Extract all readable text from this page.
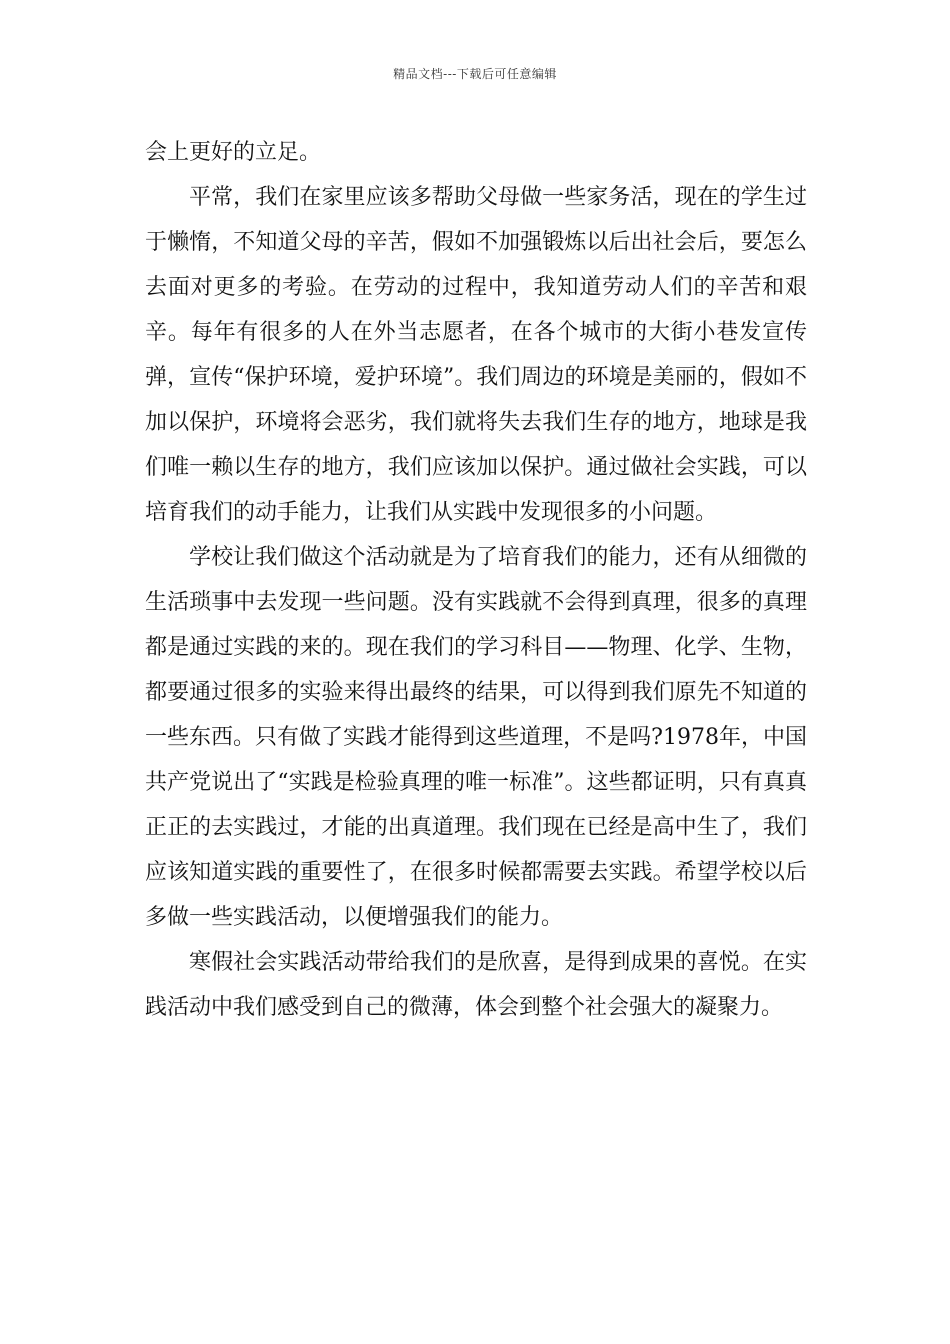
精品文档---下载后可任意编辑

会上更好的立足。

平常，我们在家里应该多帮助父母做一些家务活，现在的学生过于懒惰，不知道父母的辛苦，假如不加强锻炼以后出社会后，要怎么去面对更多的考验。在劳动的过程中，我知道劳动人们的辛苦和艰辛。每年有很多的人在外当志愿者，在各个城市的大街小巷发宣传弹，宣传“保护环境，爱护环境”。我们周边的环境是美丽的，假如不加以保护，环境将会恶劣，我们就将失去我们生存的地方，地球是我们唯一赖以生存的地方，我们应该加以保护。通过做社会实践，可以培育我们的动手能力，让我们从实践中发现很多的小问题。

学校让我们做这个活动就是为了培育我们的能力，还有从细微的生活琐事中去发现一些问题。没有实践就不会得到真理，很多的真理都是通过实践的来的。现在我们的学习科目——物理、化学、生物，都要通过很多的实验来得出最终的结果，可以得到我们原先不知道的一些东西。只有做了实践才能得到这些道理，不是吗?1978年，中国共产党说出了“实践是检验真理的唯一标准”。这些都证明，只有真真正正的去实践过，才能的出真道理。我们现在已经是高中生了，我们应该知道实践的重要性了，在很多时候都需要去实践。希望学校以后多做一些实践活动，以便增强我们的能力。

寒假社会实践活动带给我们的是欣喜，是得到成果的喜悦。在实践活动中我们感受到自己的微薄，体会到整个社会强大的凝聚力。
